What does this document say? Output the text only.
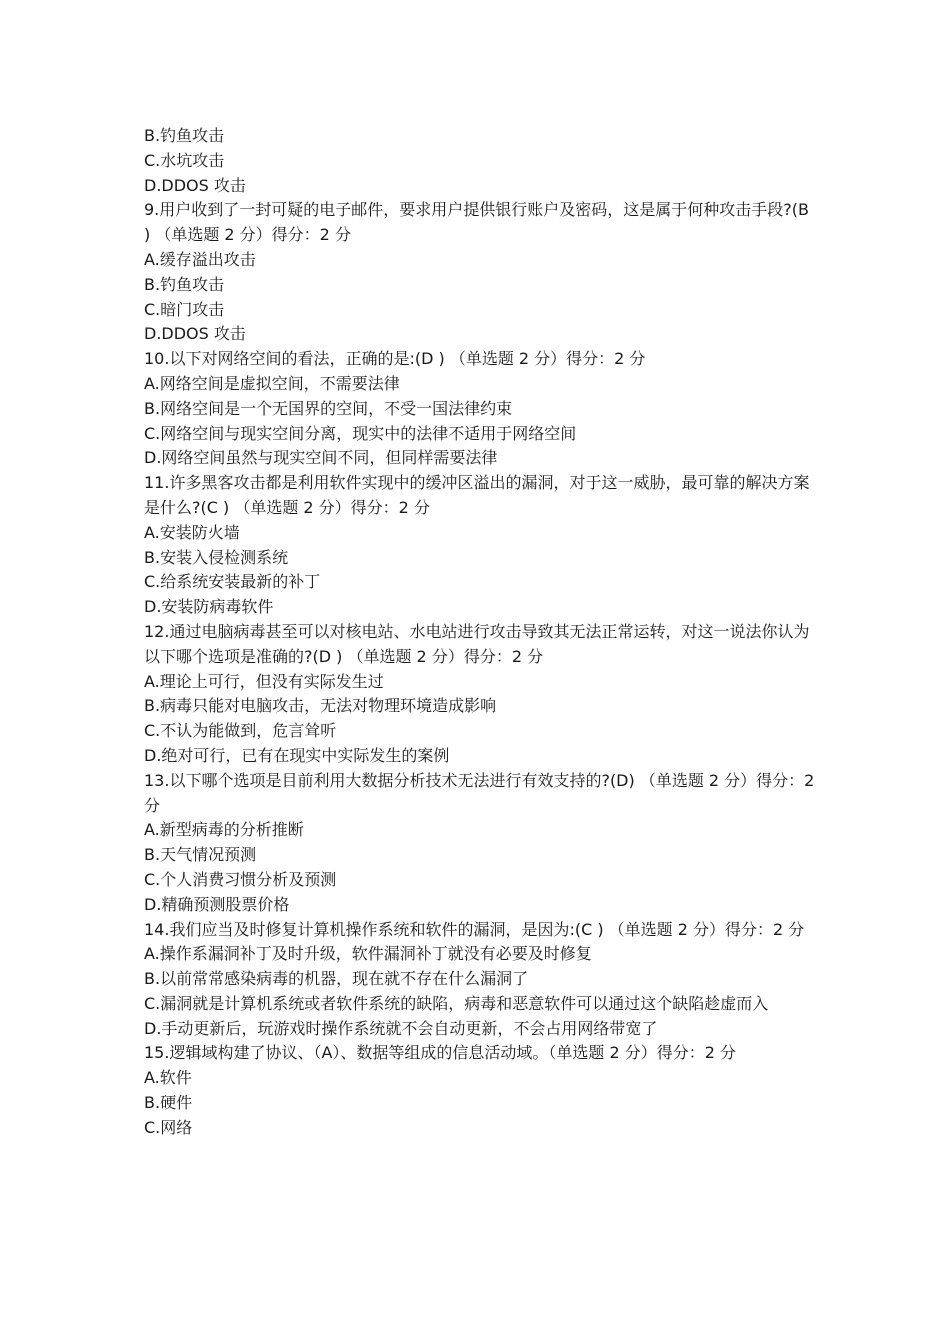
B.钓鱼攻击

C.水坑攻击

D.DDOS 攻击

9.用户收到了一封可疑的电子邮件，要求用户提供银行账户及密码，这是属于何种攻击手段?(B ) （单选题 2 分）得分：2 分

A.缓存溢出攻击

B.钓鱼攻击

C.暗门攻击

D.DDOS 攻击

10.以下对网络空间的看法，正确的是:(D ) （单选题 2 分）得分：2 分

A.网络空间是虚拟空间，不需要法律

B.网络空间是一个无国界的空间，不受一国法律约束

C.网络空间与现实空间分离，现实中的法律不适用于网络空间

D.网络空间虽然与现实空间不同，但同样需要法律

11.许多黑客攻击都是利用软件实现中的缓冲区溢出的漏洞，对于这一威胁，最可靠的解决方案是什么?(C ) （单选题 2 分）得分：2 分

A.安装防火墙

B.安装入侵检测系统

C.给系统安装最新的补丁

D.安装防病毒软件

12.通过电脑病毒甚至可以对核电站、水电站进行攻击导致其无法正常运转，对这一说法你认为以下哪个选项是准确的?(D ) （单选题 2 分）得分：2 分

A.理论上可行，但没有实际发生过

B.病毒只能对电脑攻击，无法对物理环境造成影响

C.不认为能做到，危言耸听

D.绝对可行，已有在现实中实际发生的案例

13.以下哪个选项是目前利用大数据分析技术无法进行有效支持的?(D) （单选题 2 分）得分：2 分

A.新型病毒的分析推断

B.天气情况预测

C.个人消费习惯分析及预测

D.精确预测股票价格

14.我们应当及时修复计算机操作系统和软件的漏洞，是因为:(C ) （单选题 2 分）得分：2 分

A.操作系漏洞补丁及时升级，软件漏洞补丁就没有必要及时修复

B.以前常常感染病毒的机器，现在就不存在什么漏洞了

C.漏洞就是计算机系统或者软件系统的缺陷，病毒和恶意软件可以通过这个缺陷趁虚而入

D.手动更新后，玩游戏时操作系统就不会自动更新，不会占用网络带宽了

15.逻辑域构建了协议、（A）、数据等组成的信息活动域。（单选题 2 分）得分：2 分

A.软件

B.硬件

C.网络
